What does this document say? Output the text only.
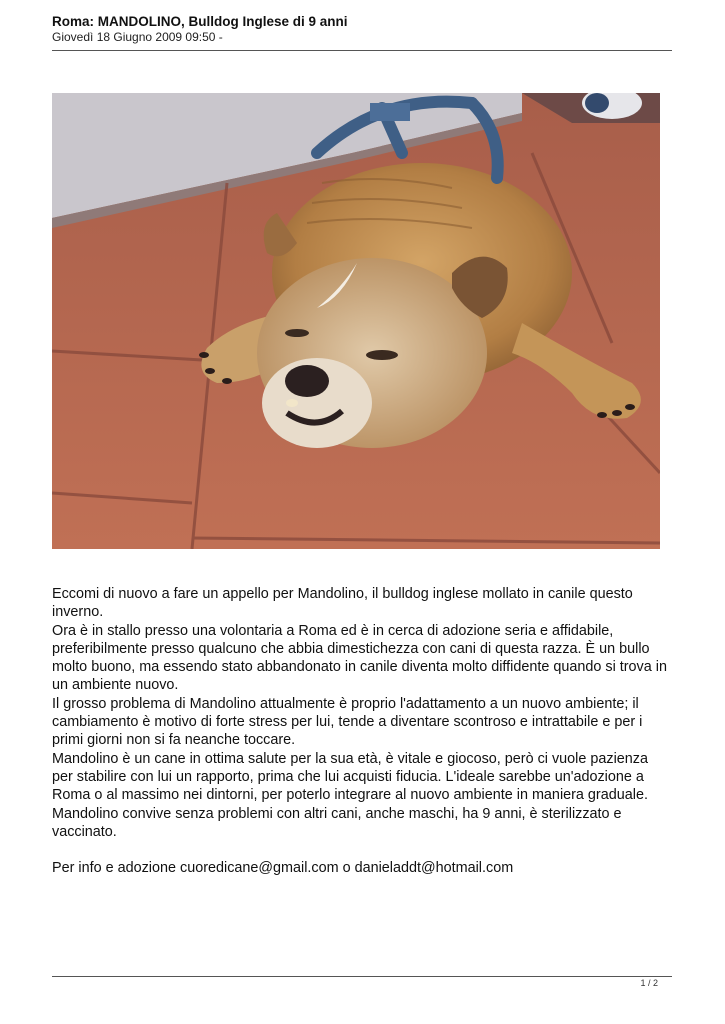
Roma: MANDOLINO, Bulldog Inglese di 9 anni
Giovedì 18 Giugno 2009 09:50 -

Eccomi di nuovo a fare un appello per Mandolino, il bulldog inglese mollato in canile questo inverno.

Ora è in stallo presso una volontaria a Roma ed è in cerca di adozione seria e affidabile, preferibilmente presso qualcuno che abbia dimestichezza con cani di questa razza. È un bullo molto buono, ma essendo stato abbandonato in canile diventa molto diffidente quando si trova in un ambiente nuovo.

Il grosso problema di Mandolino attualmente è proprio l'adattamento a un nuovo ambiente; il cambiamento è motivo di forte stress per lui, tende a diventare scontroso e intrattabile e per i primi giorni non si fa neanche toccare.

Mandolino è un cane in ottima salute per la sua età, è vitale e giocoso, però ci vuole pazienza per stabilire con lui un rapporto, prima che lui acquisti fiducia. L'ideale sarebbe un'adozione a Roma o al massimo nei dintorni, per poterlo integrare al nuovo ambiente in maniera graduale. Mandolino convive senza problemi con altri cani, anche maschi, ha 9 anni, è sterilizzato e vaccinato.

Per info e adozione cuoredicane@gmail.com o danieladdt@hotmail.com

1 / 2
